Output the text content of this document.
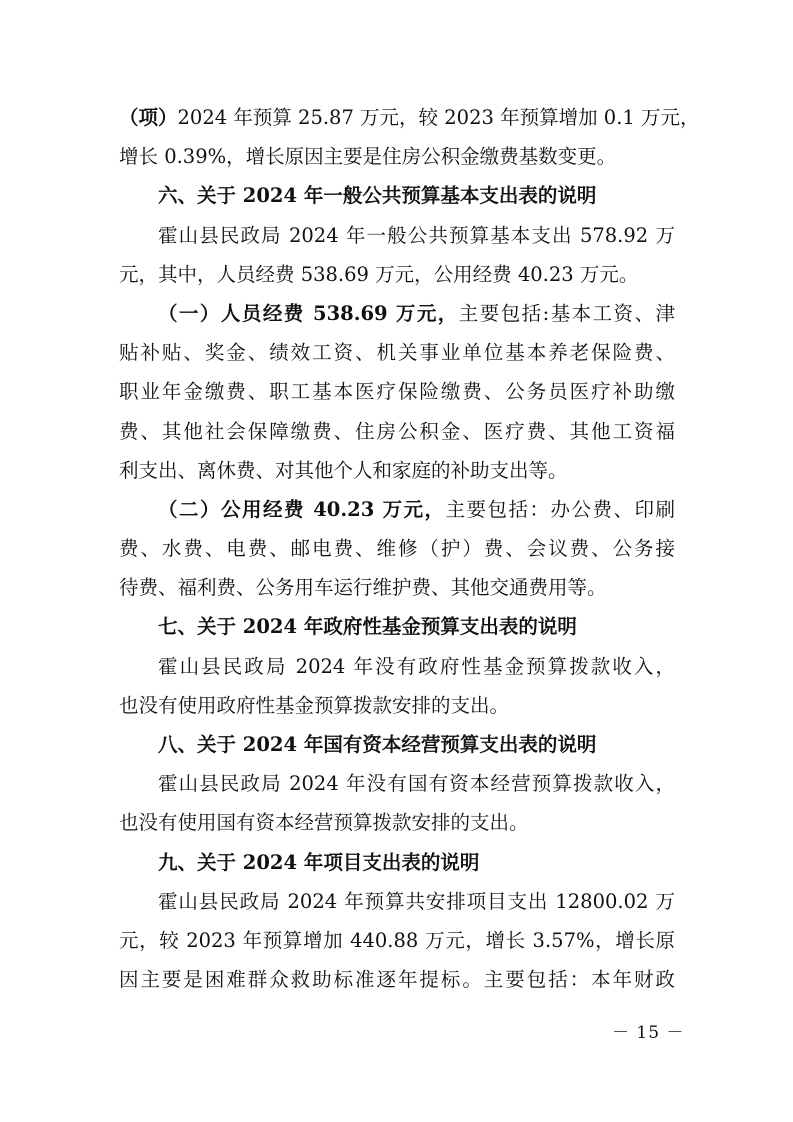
（项）2024 年预算 25.87 万元，较 2023 年预算增加 0.1 万元，
增长 0.39%，增长原因主要是住房公积金缴费基数变更。
六、关于 2024 年一般公共预算基本支出表的说明
霍山县民政局 2024 年一般公共预算基本支出 578.92 万
元，其中，人员经费 538.69 万元，公用经费 40.23 万元。
（一）人员经费 538.69 万元，主要包括:基本工资、津
贴补贴、奖金、绩效工资、机关事业单位基本养老保险费、
职业年金缴费、职工基本医疗保险缴费、公务员医疗补助缴
费、其他社会保障缴费、住房公积金、医疗费、其他工资福
利支出、离休费、对其他个人和家庭的补助支出等。
（二）公用经费 40.23 万元，主要包括：办公费、印刷
费、水费、电费、邮电费、维修（护）费、会议费、公务接
待费、福利费、公务用车运行维护费、其他交通费用等。
七、关于 2024 年政府性基金预算支出表的说明
霍山县民政局 2024 年没有政府性基金预算拨款收入，
也没有使用政府性基金预算拨款安排的支出。
八、关于 2024 年国有资本经营预算支出表的说明
霍山县民政局 2024 年没有国有资本经营预算拨款收入，
也没有使用国有资本经营预算拨款安排的支出。
九、关于 2024 年项目支出表的说明
霍山县民政局 2024 年预算共安排项目支出 12800.02 万
元，较 2023 年预算增加 440.88 万元，增长 3.57%，增长原
因主要是困难群众救助标准逐年提标。主要包括：本年财政
－ 15 －
